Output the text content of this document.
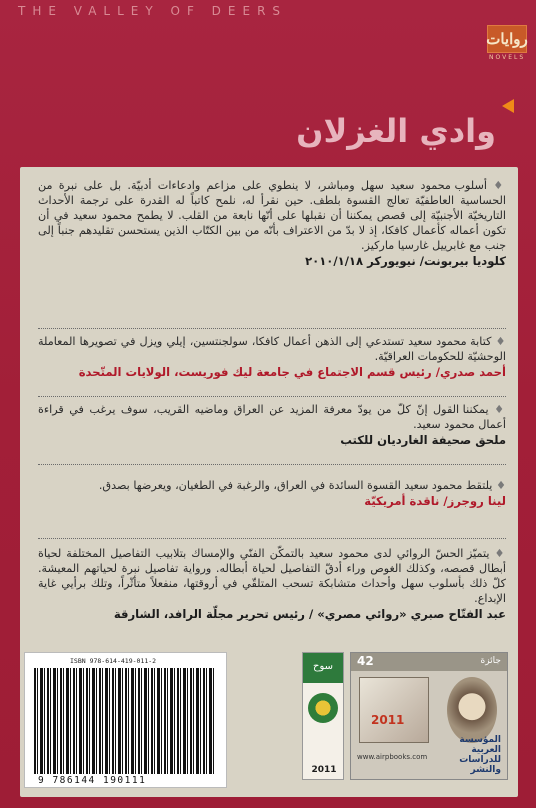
THE VALLEY OF DEERS
روايات
NOVELS
وادي الغزلان
♦ أسلوب محمود سعيد سهل ومباشر، لا ينطوي على مزاعم وادعاءات أدبيّة. بل على نبرة من الحساسية العاطفيّة تعالج القسوة بلطف. حين نقرأ له، نلمح كاتباً له القدرة على ترجمة الأحداث التاريخيّة الأجنبيّة إلى قصص يمكننا أن نقبلها على أنّها نابعة من القلب. لا يطمح محمود سعيد في أن تكون أعماله كأعمال كافكا، إذ لا بدّ من الاعتراف بأنّه من بين الكتّاب الذين يستحسن تقليدهم جنباً إلى جنب مع غابرييل غارسيا ماركيز.
كلوديا بيربونت/ نيويوركر ٢٠١٠/١/١٨
♦ كتابة محمود سعيد تستدعي إلى الذهن أعمال كافكا، سولجنتسين، إيلي ويزل في تصويرها المعاملة الوحشيّة للحكومات العراقيّة.
أحمد صدري/ رئيس قسم الاجتماع في جامعة ليك فوريست، الولايات المتّحدة
♦ يمكننا القول إنّ كلّ من يودّ معرفة المزيد عن العراق وماضيه القريب، سوف يرغب في قراءة أعمال محمود سعيد.
ملحق صحيفة الغارديان للكتب
♦ يلتقط محمود سعيد القسوة السائدة في العراق، والرغبة في الطغيان، ويعرضها بصدق.
لينا روجرز/ ناقدة أمريكيّة
♦ يتميّز الحسّ الروائي لدى محمود سعيد بالتمكّن الفنّي والإمساك بتلابيب التفاصيل المختلفة لحياة أبطال قصصه، وكذلك الغوص وراء أدقّ التفاصيل لحياة أبطاله. ورواية تفاصيل نبرة لحياتهم المعيشة. كلّ ذلك بأسلوب سهل وأحداث متشابكة تسحب المتلقّي في أروقتها، منفعلاً متأثّراً، وتلك برأيي غاية الإبداع.
عبد الفتّاح صبري «روائي مصري» / رئيس تحرير مجلّة الرافد، الشارقة
ISBN 978-614-419-011-2
9 786144 190111
سوح
2011
جائزة
42
2011
www.airpbooks.com
المؤسسة العربية للدراسات والنشر
